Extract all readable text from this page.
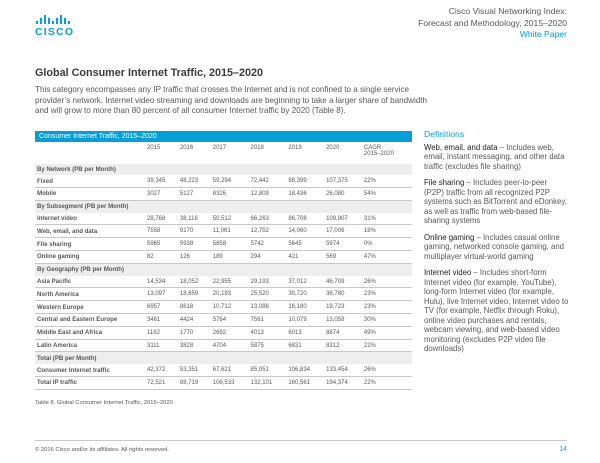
CISCO
Cisco Visual Networking Index:
Forecast and Methodology, 2015–2020
White Paper
Global Consumer Internet Traffic, 2015–2020

This category encompasses any IP traffic that crosses the Internet and is not confined to a single service provider’s network. Internet video streaming and downloads are beginning to take a larger share of bandwidth and will grow to more than 80 percent of all consumer Internet traffic by 2020 (Table 8).

Consumer Internet Traffic, 2015–2020							
	2015	2016	2017	2018	2019	2020	CAGR
2015–2020
By Network (PB per Month)							
Fixed	39,345	48,223	59,294	72,442	88,399	107,375	22%
Mobile	3027	5127	8326	12,809	18,436	26,080	54%
By Subsegment (PB per Month)							
Internet video	28,768	38,116	50,512	66,263	86,708	109,907	31%
Web, email, and data	7558	9170	11,061	12,752	14,060	17,006	18%
File sharing	5965	5938	5858	5742	5645	5974	0%
Online gaming	82	126	189	294	421	569	47%
By Geography (PB per Month)							
Asia Pacific	14,534	18,052	22,955	29,193	37,012	46,709	26%
North America	13,097	18,659	20,193	25,520	30,720	36,780	23%
Western Europe	6957	8618	10,712	13,088	16,180	19,723	23%
Central and Eastern Europe	3461	4424	5764	7561	10,079	13,058	30%
Middle East and Africa	1192	1770	2692	4013	6013	8874	49%
Latin America	3111	3828	4704	5875	6831	8312	22%
Total (PB per Month)							
Consumer Internet traffic	42,372	53,351	67,621	85,051	106,834	133,454	26%
Total IP traffic	72,521	88,719	106,533	132,101	160,561	194,374	22%
Table 8. Global Consumer Internet Traffic, 2015–2020
Definitions

Web, email, and data – Includes web, email, instant messaging, and other data traffic (excludes file sharing)

File sharing – Includes peer-to-peer (P2P) traffic from all recognized P2P systems such as BitTorrent and eDonkey, as well as traffic from web-based file-sharing systems

Online gaming – Includes casual online gaming, networked console gaming, and multiplayer virtual-world gaming

Internet video – Includes short-form Internet video (for example, YouTube), long-form Internet video (for example, Hulu), live Internet video, Internet video to TV (for example, Netflix through Roku), online video purchases and rentals, webcam viewing, and web-based video monitoring (excludes P2P video file downloads)

© 2016 Cisco and/or its affiliates. All rights reserved.	14
